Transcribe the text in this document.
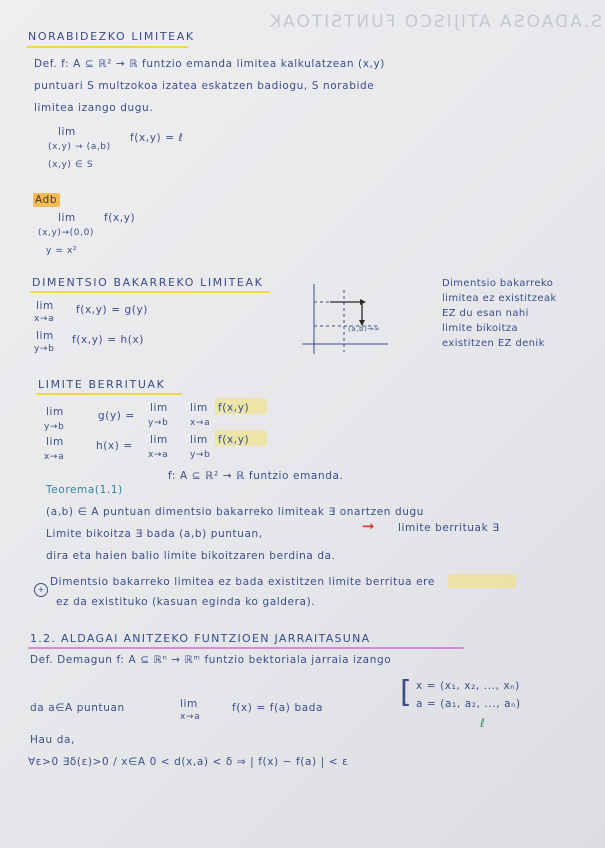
S.ADAOSA ATIJISCO FUNTSITOAK
NORABIDEZKO LIMITEAK
Def. f: A ⊆ ℝ² → ℝ funtzio emanda limitea kalkulatzean (x,y)
puntuari S multzokoa izatea eskatzen badiogu, S norabide
limitea izango dugu.
lim
(x,y) → (a,b)
f(x,y) = ℓ
(x,y) ∈ S
Adb
lim	f(x,y)
(x,y)→(0,0)
y = x²
DIMENTSIO BAKARREKO LIMITEAK
lim
x→a
f(x,y) = g(y)
lim
y→b
f(x,y) = h(x)
(a,b)→∞
Dimentsio bakarreko
limitea ez existitzeak
EZ du esan nahi
limite bikoitza
existitzen EZ denik
LIMITE BERRITUAK
lim
y→b
g(y) =
lim
y→b
lim
x→a
f(x,y)
lim
x→a
h(x) = lim
x→a
lim
y→b
f(x,y)
Teorema(1.1)
f: A ⊆ ℝ² → ℝ funtzio emanda.
(a,b) ∈ A puntuan dimentsio bakarreko limiteak ∃ onartzen dugu
Limite bikoitza ∃ bada (a,b) puntuan,	➞ limite berrituak ∃
dira eta haien balio limite bikoitzaren berdina da.
+
Dimentsio bakarreko limitea ez bada existitzen limite berritua ere
ez da existituko (kasuan eginda ko galdera).
1.2. ALDAGAI ANITZEKO FUNTZIOEN JARRAITASUNA
Def. Demagun f: A ⊆ ℝⁿ → ℝᵐ funtzio bektoriala jarraia izango
da a∈A puntuan	lim
x→a
f(x) = f(a) bada	[ x = (x₁, x₂, ..., xₙ)
a = (a₁, a₂, ..., aₙ)
Hau da,
ℓ
∀ε>0 ∃δ(ε)>0 / x∈A 0 < d(x,a) < δ ⇒ | f(x) − f(a) | < ε
